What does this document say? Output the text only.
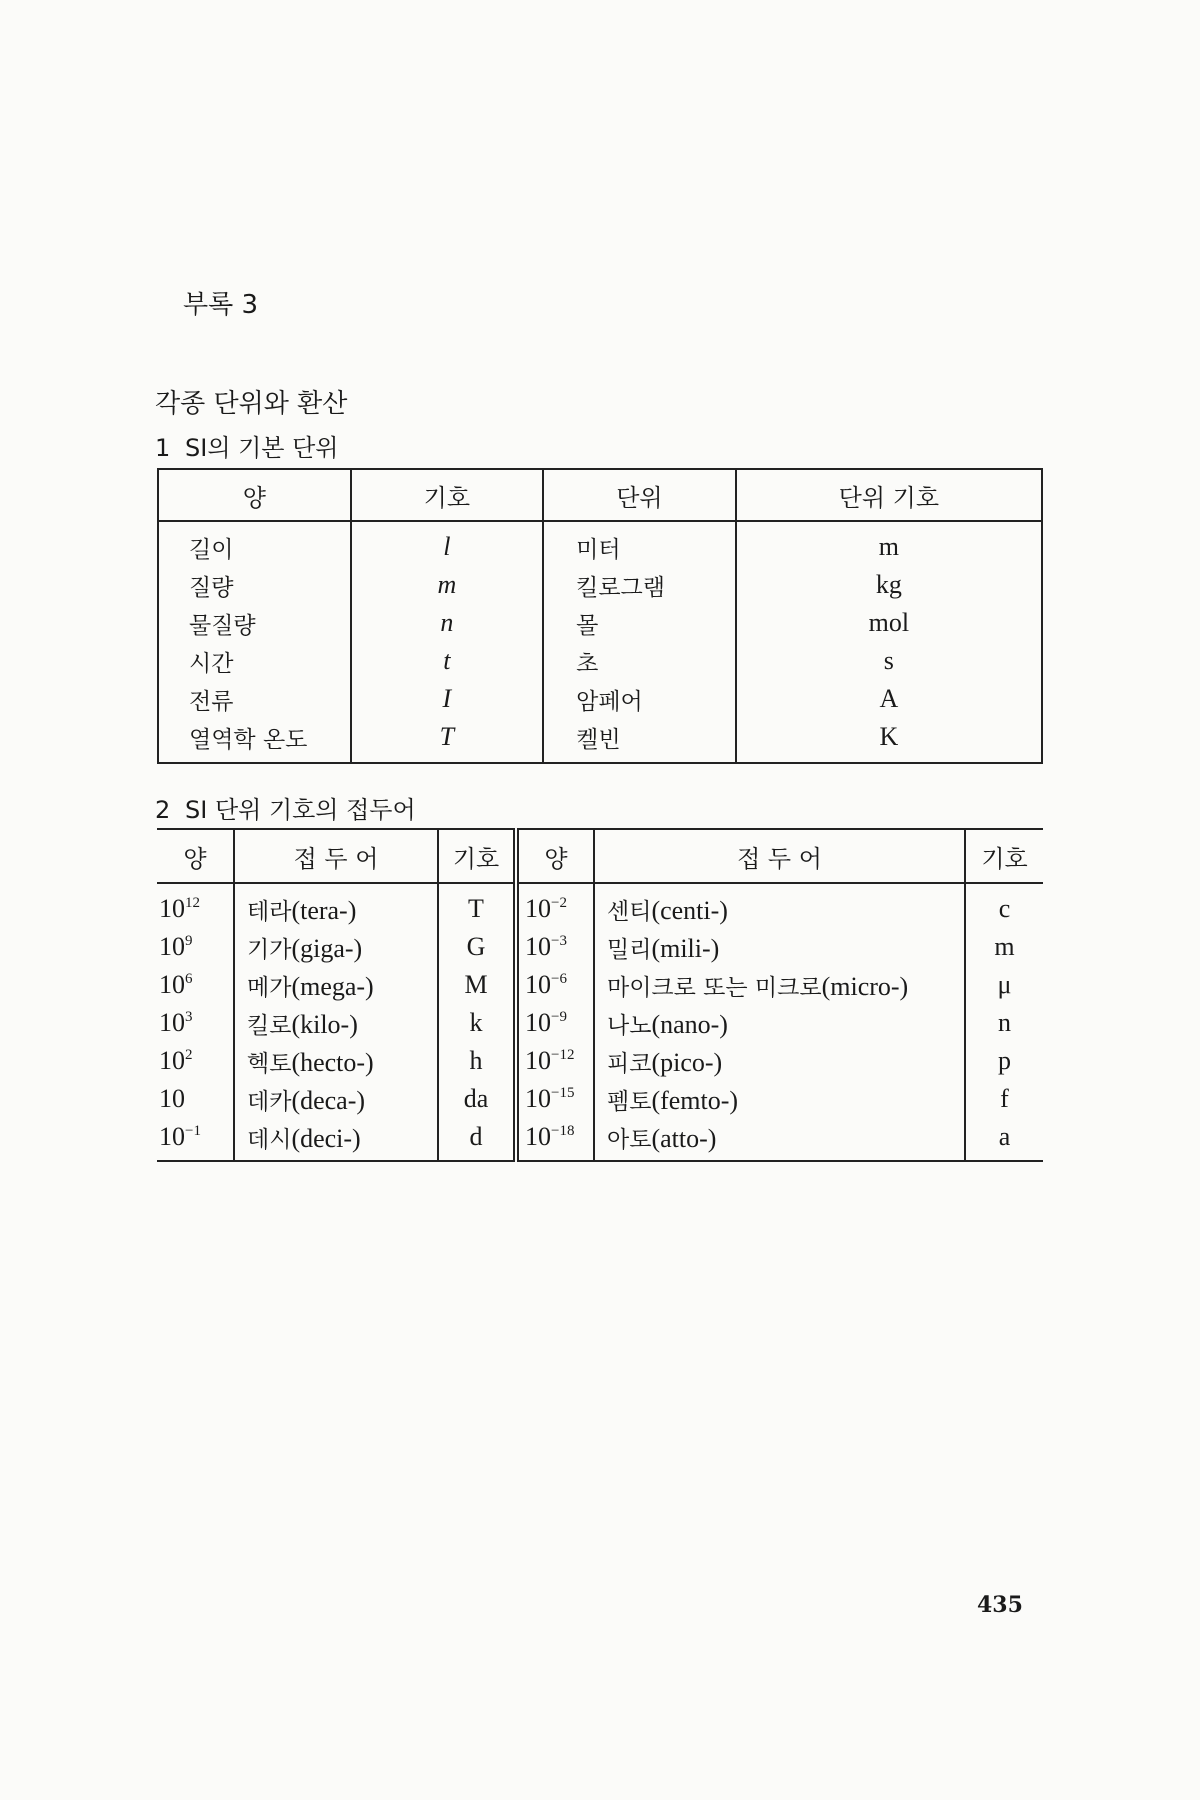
부록 3
각종 단위와 환산
1 SI의 기본 단위
양	기호	단위	단위 기호
길이	l	미터	m
질량	m	킬로그램	kg
물질량	n	몰	mol
시간	t	초	s
전류	I	암페어	A
열역학 온도	T	켈빈	K
2 SI 단위 기호의 접두어
양	접 두 어	기호	양	접 두 어	기호
$10^{12}$	테라(tera-)	T	$10^{-2}$	센티(centi-)	c
$10^9$	기가(giga-)	G	$10^{-3}$	밀리(mili-)	m
$10^6$	메가(mega-)	M	$10^{-6}$	마이크로 또는 미크로(micro-)	μ
$10^3$	킬로(kilo-)	k	$10^{-9}$	나노(nano-)	n
$10^2$	헥토(hecto-)	h	$10^{-12}$	피코(pico-)	p
10	데카(deca-)	da	$10^{-15}$	펨토(femto-)	f
$10^{-1}$	데시(deci-)	d	$10^{-18}$	아토(atto-)	a
435
